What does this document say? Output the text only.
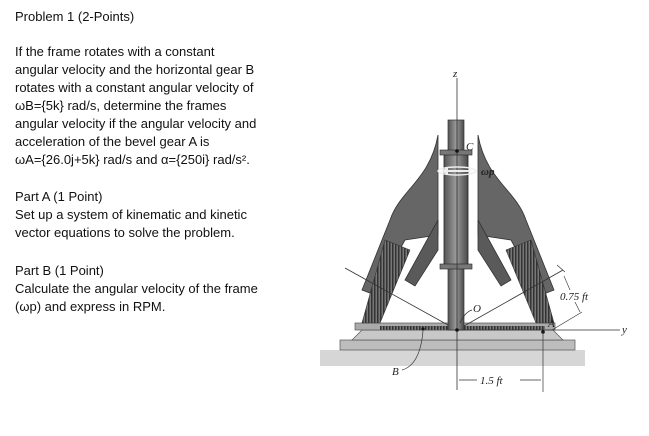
Problem 1 (2-Points)
If the frame rotates with a constant
angular velocity and the horizontal gear B
rotates with a constant angular velocity of
ωB={5k} rad/s, determine the frames
angular velocity if the angular velocity and
acceleration of the bevel gear A is
ωA={26.0j+5k} rad/s and α={250i} rad/s².
Part A (1 Point)
Set up a system of kinematic and kinetic
vector equations to solve the problem.
Part B (1 Point)
Calculate the angular velocity of the frame
(ωp) and express in RPM.
z
C
ωp
y
O
A
B
0.75 ft
1.5 ft
